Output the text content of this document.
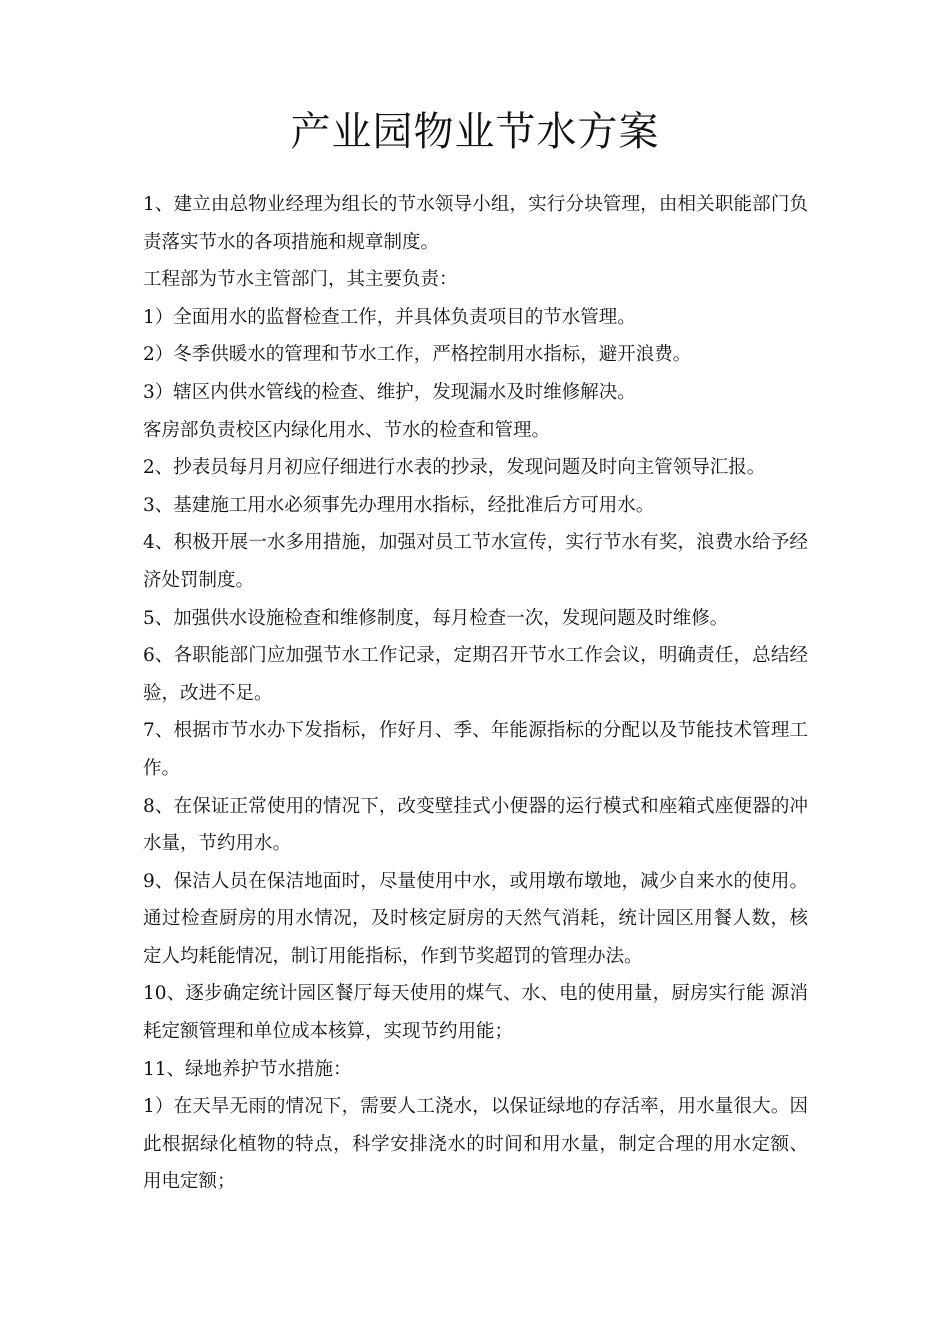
产业园物业节水方案

1、建立由总物业经理为组长的节水领导小组，实行分块管理，由相关职能部门负责落实节水的各项措施和规章制度。

工程部为节水主管部门，其主要负责：

1）全面用水的监督检查工作，并具体负责项目的节水管理。

2）冬季供暖水的管理和节水工作，严格控制用水指标，避开浪费。

3）辖区内供水管线的检查、维护，发现漏水及时维修解决。

客房部负责校区内绿化用水、节水的检查和管理。

2、抄表员每月月初应仔细进行水表的抄录，发现问题及时向主管领导汇报。

3、基建施工用水必须事先办理用水指标，经批准后方可用水。

4、积极开展一水多用措施，加强对员工节水宣传，实行节水有奖，浪费水给予经济处罚制度。

5、加强供水设施检查和维修制度，每月检查一次，发现问题及时维修。

6、各职能部门应加强节水工作记录，定期召开节水工作会议，明确责任，总结经验，改进不足。

7、根据市节水办下发指标，作好月、季、年能源指标的分配以及节能技术管理工作。

8、在保证正常使用的情况下，改变壁挂式小便器的运行模式和座箱式座便器的冲水量，节约用水。

9、保洁人员在保洁地面时，尽量使用中水，或用墩布墩地，减少自来水的使用。 通过检查厨房的用水情况，及时核定厨房的天然气消耗，统计园区用餐人数，核 定人均耗能情况，制订用能指标，作到节奖超罚的管理办法。

10、逐步确定统计园区餐厅每天使用的煤气、水、电的使用量，厨房实行能 源消耗定额管理和单位成本核算，实现节约用能；

11、绿地养护节水措施：

1）在天旱无雨的情况下，需要人工浇水，以保证绿地的存活率，用水量很大。因此根据绿化植物的特点，科学安排浇水的时间和用水量，制定合理的用水定额、 用电定额；
